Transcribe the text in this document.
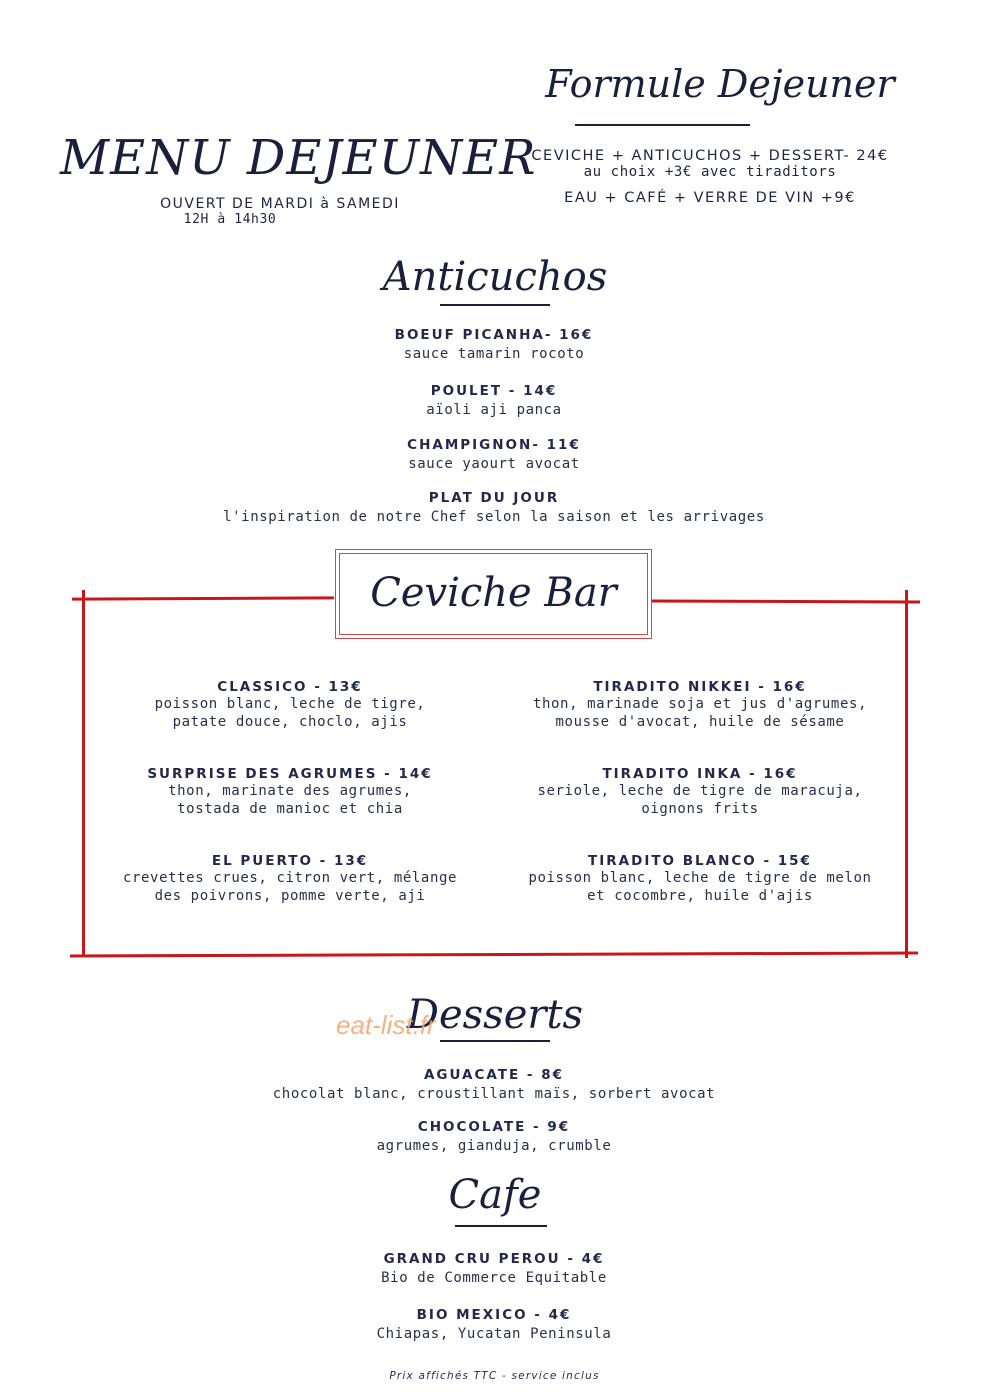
MENU DEJEUNER
OUVERT DE MARDI à SAMEDI
12H à 14h30
Formule Dejeuner
CEVICHE + ANTICUCHOS + DESSERT- 24€
au choix +3€ avec tiraditors
EAU + CAFÉ + VERRE DE VIN +9€
Anticuchos
BOEUF PICANHA- 16€
sauce tamarin rocoto
POULET - 14€
aïoli aji panca
CHAMPIGNON- 11€
sauce yaourt avocat
PLAT DU JOUR
l'inspiration de notre Chef selon la saison et les arrivages
Ceviche Bar
CLASSICO - 13€
poisson blanc, leche de tigre,
patate douce, choclo, ajis
SURPRISE DES AGRUMES - 14€
thon, marinate des agrumes,
tostada de manioc et chia
EL PUERTO - 13€
crevettes crues, citron vert, mélange
des poivrons, pomme verte, aji
TIRADITO NIKKEI - 16€
thon, marinade soja et jus d'agrumes,
mousse d'avocat, huile de sésame
TIRADITO INKA - 16€
seriole, leche de tigre de maracuja,
oignons frits
TIRADITO BLANCO - 15€
poisson blanc, leche de tigre de melon
et cocombre, huile d'ajis
Desserts
eat-list.fr
AGUACATE - 8€
chocolat blanc, croustillant maïs, sorbert avocat
CHOCOLATE - 9€
agrumes, gianduja, crumble
Cafe
GRAND CRU PEROU - 4€
Bio de Commerce Equitable
BIO MEXICO - 4€
Chiapas, Yucatan Peninsula
Prix affichés TTC - service inclus
